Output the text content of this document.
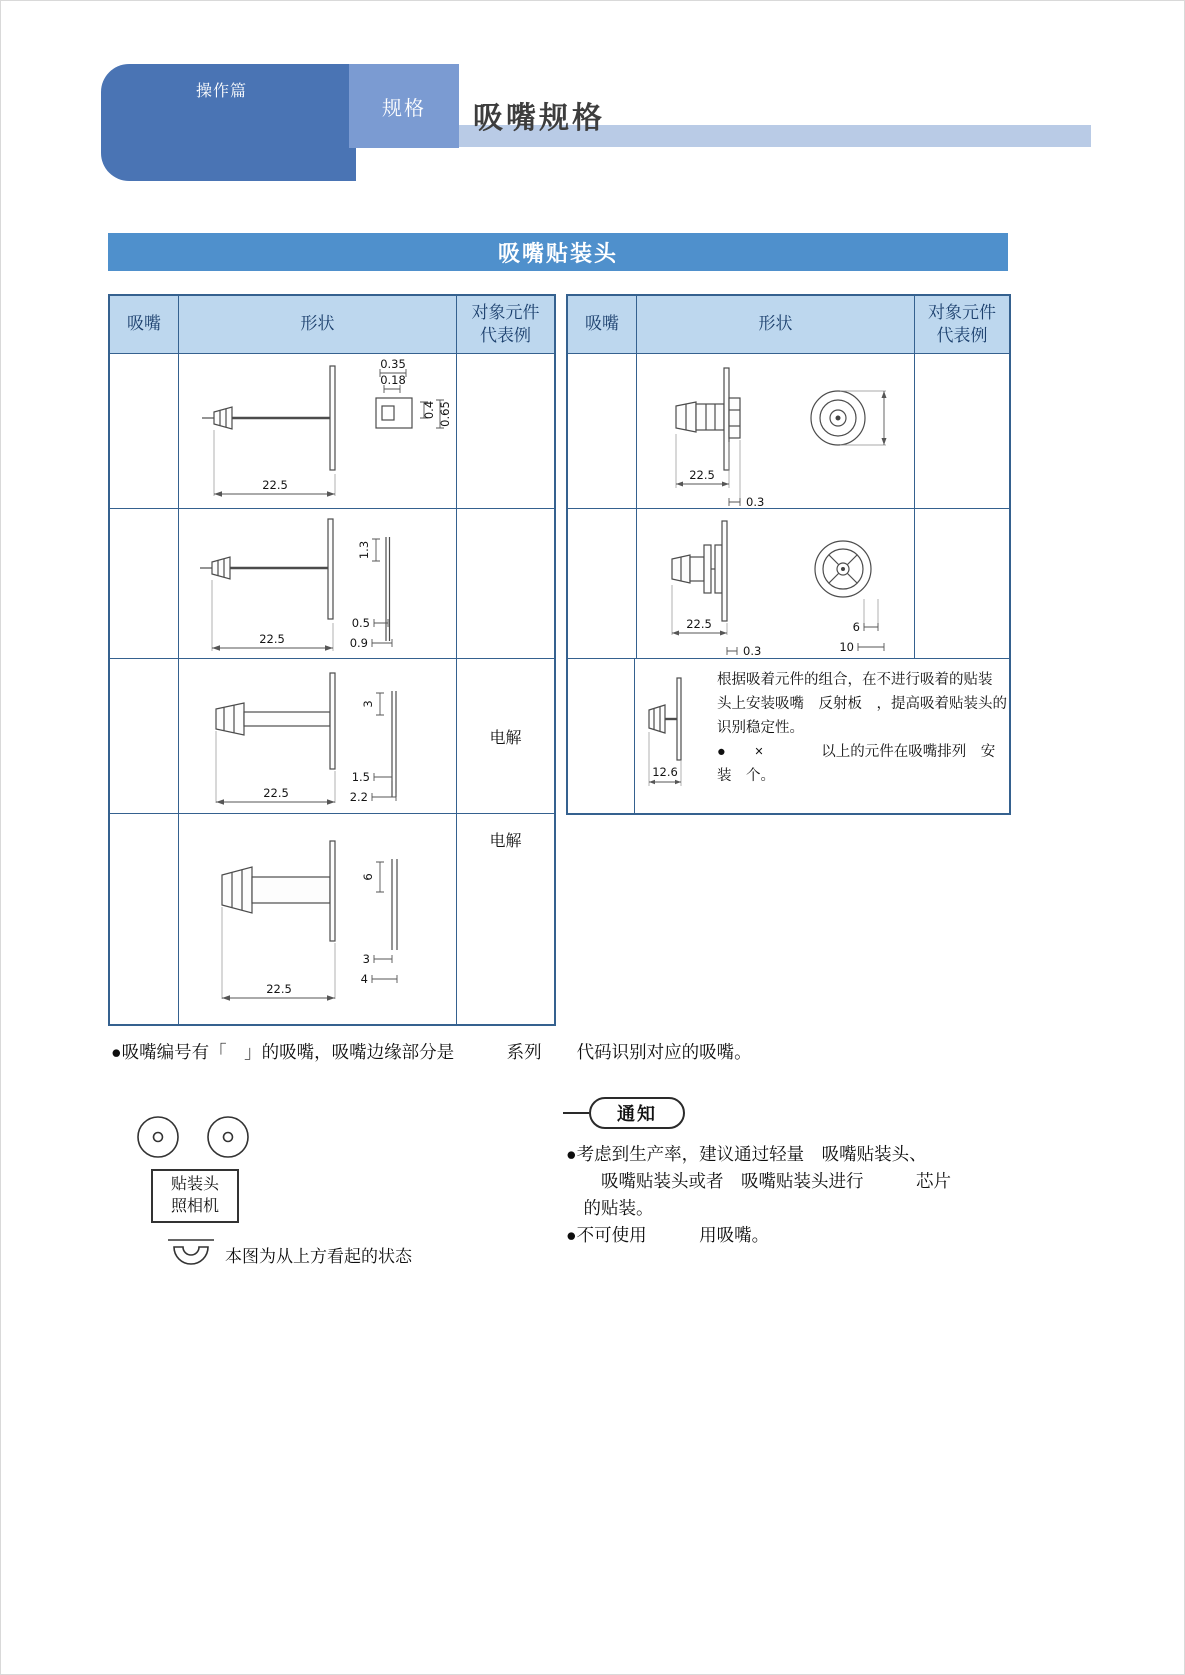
操作篇
规格 吸嘴规格
吸嘴贴装头
吸嘴	形状
对象元件
代表例
0.35
0.18
0.4 0.65
22.5
1.3
0.5
0.9
22.5
3
1.5
2.2
22.5
电解
6
3
4
22.5
电解
吸嘴	形状
对象元件
代表例
22.5
0.3
22.5
0.3
6
10
12.6
根据吸着元件的组合，在不进行吸着的贴装
头上安装吸嘴　反射板　，提高吸着贴装头的
识别稳定性。
●　　×　　　　以上的元件在吸嘴排列　安
装　个。
●吸嘴编号有「　」的吸嘴，吸嘴边缘部分是　　　系列　　代码识别对应的吸嘴。
贴装头
照相机
本图为从上方看起的状态
通知
●考虑到生产率，建议通过轻量　吸嘴贴装头、
　　吸嘴贴装头或者　吸嘴贴装头进行　　　芯片
　的贴装。
●不可使用　　　用吸嘴。
